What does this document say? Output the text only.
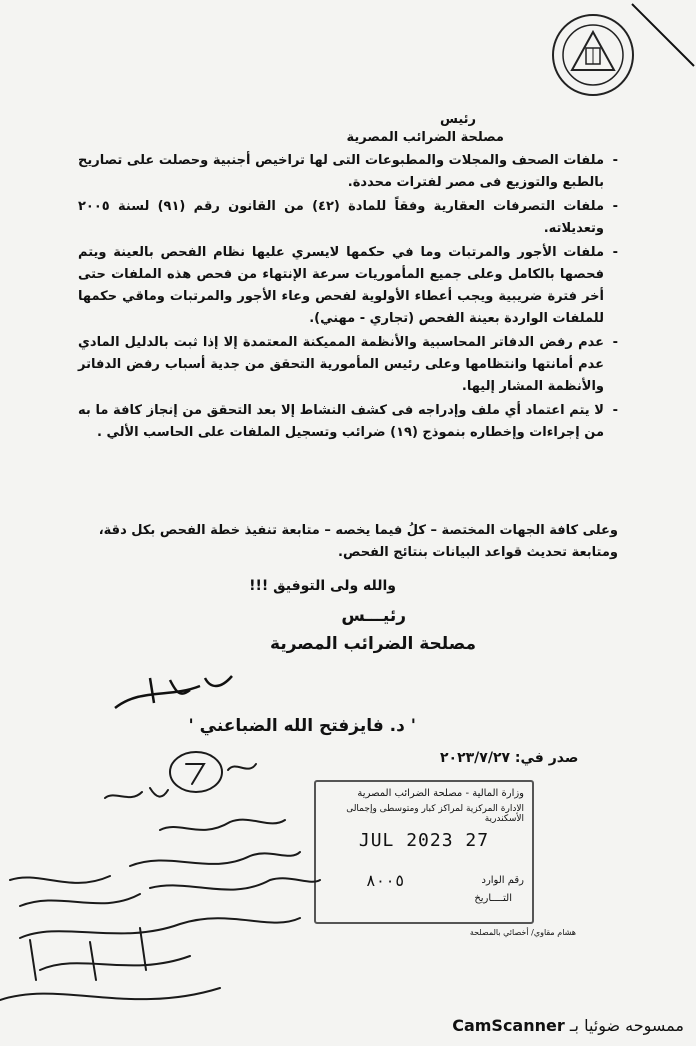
رئيس
مصلحة الضرائب المصرية
- ملفات الصحف والمجلات والمطبوعات التى لها تراخيص أجنبية وحصلت على تصاريح بالطبع والتوزيع فى مصر لفترات محددة.
- ملفات التصرفات العقارية وفقاً للمادة (٤٢) من القانون رقم (٩١) لسنة ٢٠٠٥ وتعديلاته.
- ملفات الأجور والمرتبات وما في حكمها لايسري عليها نظام الفحص بالعينة ويتم فحصها بالكامل وعلى جميع المأموريات سرعة الإنتهاء من فحص هذه الملفات حتى أخر فترة ضريبية ويجب أعطاء الأولوية لفحص وعاء الأجور والمرتبات وماقي حكمها للملفات الواردة بعينة الفحص (تجاري - مهني).
- عدم رفض الدفاتر المحاسبية والأنظمة المميكنة المعتمدة إلا إذا ثبت بالدليل المادي عدم أمانتها وانتظامها وعلى رئيس المأمورية التحقق من جدية أسباب رفض الدفاتر والأنظمة المشار إليها.
- لا يتم اعتماد أي ملف وإدراجه فى كشف النشاط إلا بعد التحقق من إنجاز كافة ما به من إجراءات وإخطاره بنموذج (١٩) ضرائب وتسجيل الملفات على الحاسب الألي .
وعلى كافة الجهات المختصة – كلُ فيما يخصه – متابعة تنفيذ خطة الفحص بكل دقة،
ومتابعة تحديث قواعد البيانات بنتائج الفحص.
والله ولى التوفيق !!!
رئيـــس
مصلحة الضرائب المصرية
' د. فايزفتح الله الضباعني '
صدر في: ٢٠٢٣/٧/٢٧
وزارة المالية - مصلحة الضرائب المصرية
الادارة المركزية لمراكز كبار ومتوسطى وإجمالى الأسكندرية
27 JUL 2023
رقم الوارد
٨٠٠٥
التــــاريخ
هشام مقاوي/ أخصائي بالمصلحة
ممسوحه ضوئيا بـ CamScanner
